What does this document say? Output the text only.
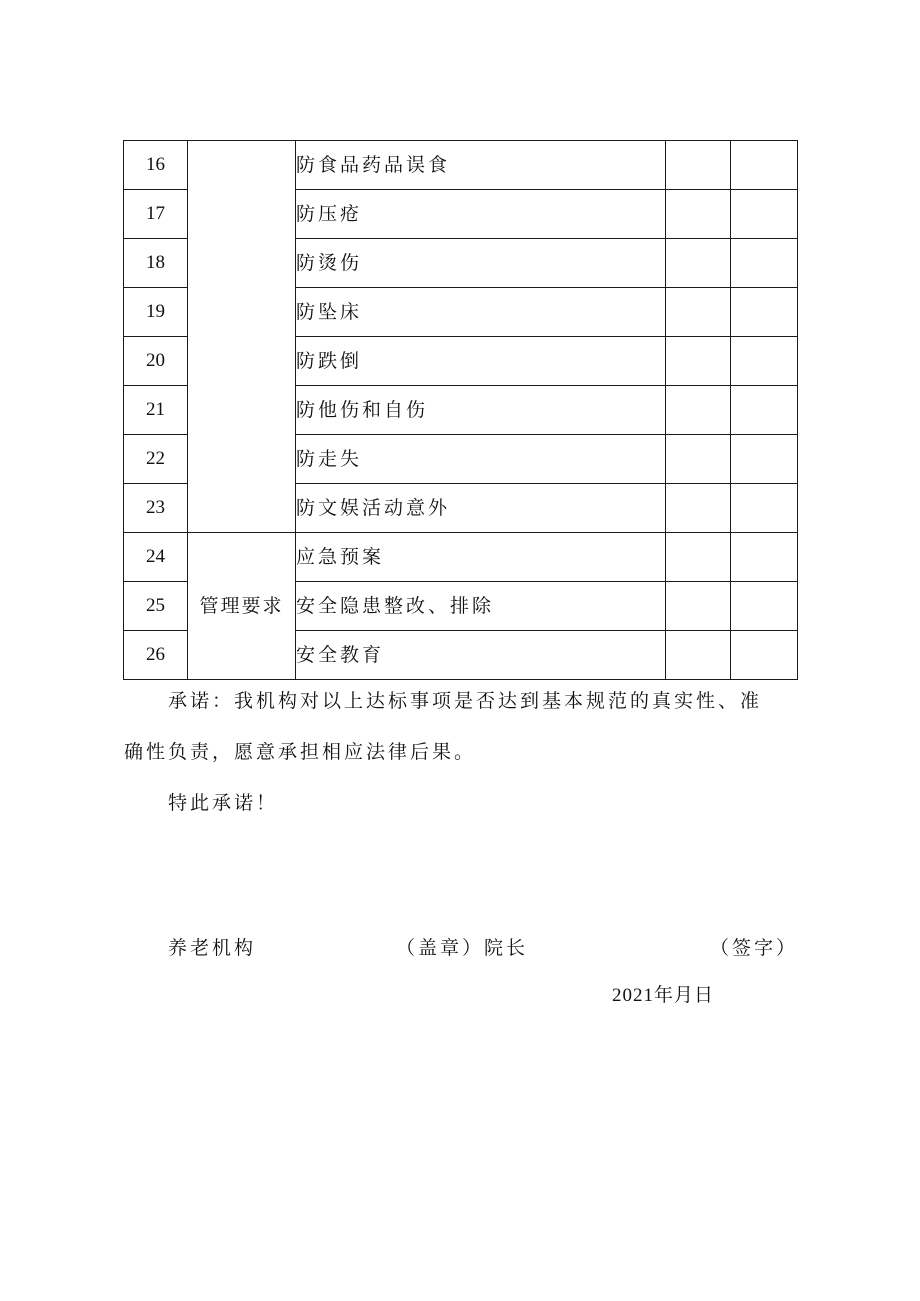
16		防食品药品误食		
17		防压疮		
18		防烫伤		
19		防坠床		
20		防跌倒		
21		防他伤和自伤		
22		防走失		
23		防文娱活动意外		
24	管理要求	应急预案		
25		安全隐患整改、排除		
26		安全教育		
承诺：我机构对以上达标事项是否达到基本规范的真实性、准
确性负责，愿意承担相应法律后果。
特此承诺！
养老机构	（盖章）院长	（签字）
2021年月日
